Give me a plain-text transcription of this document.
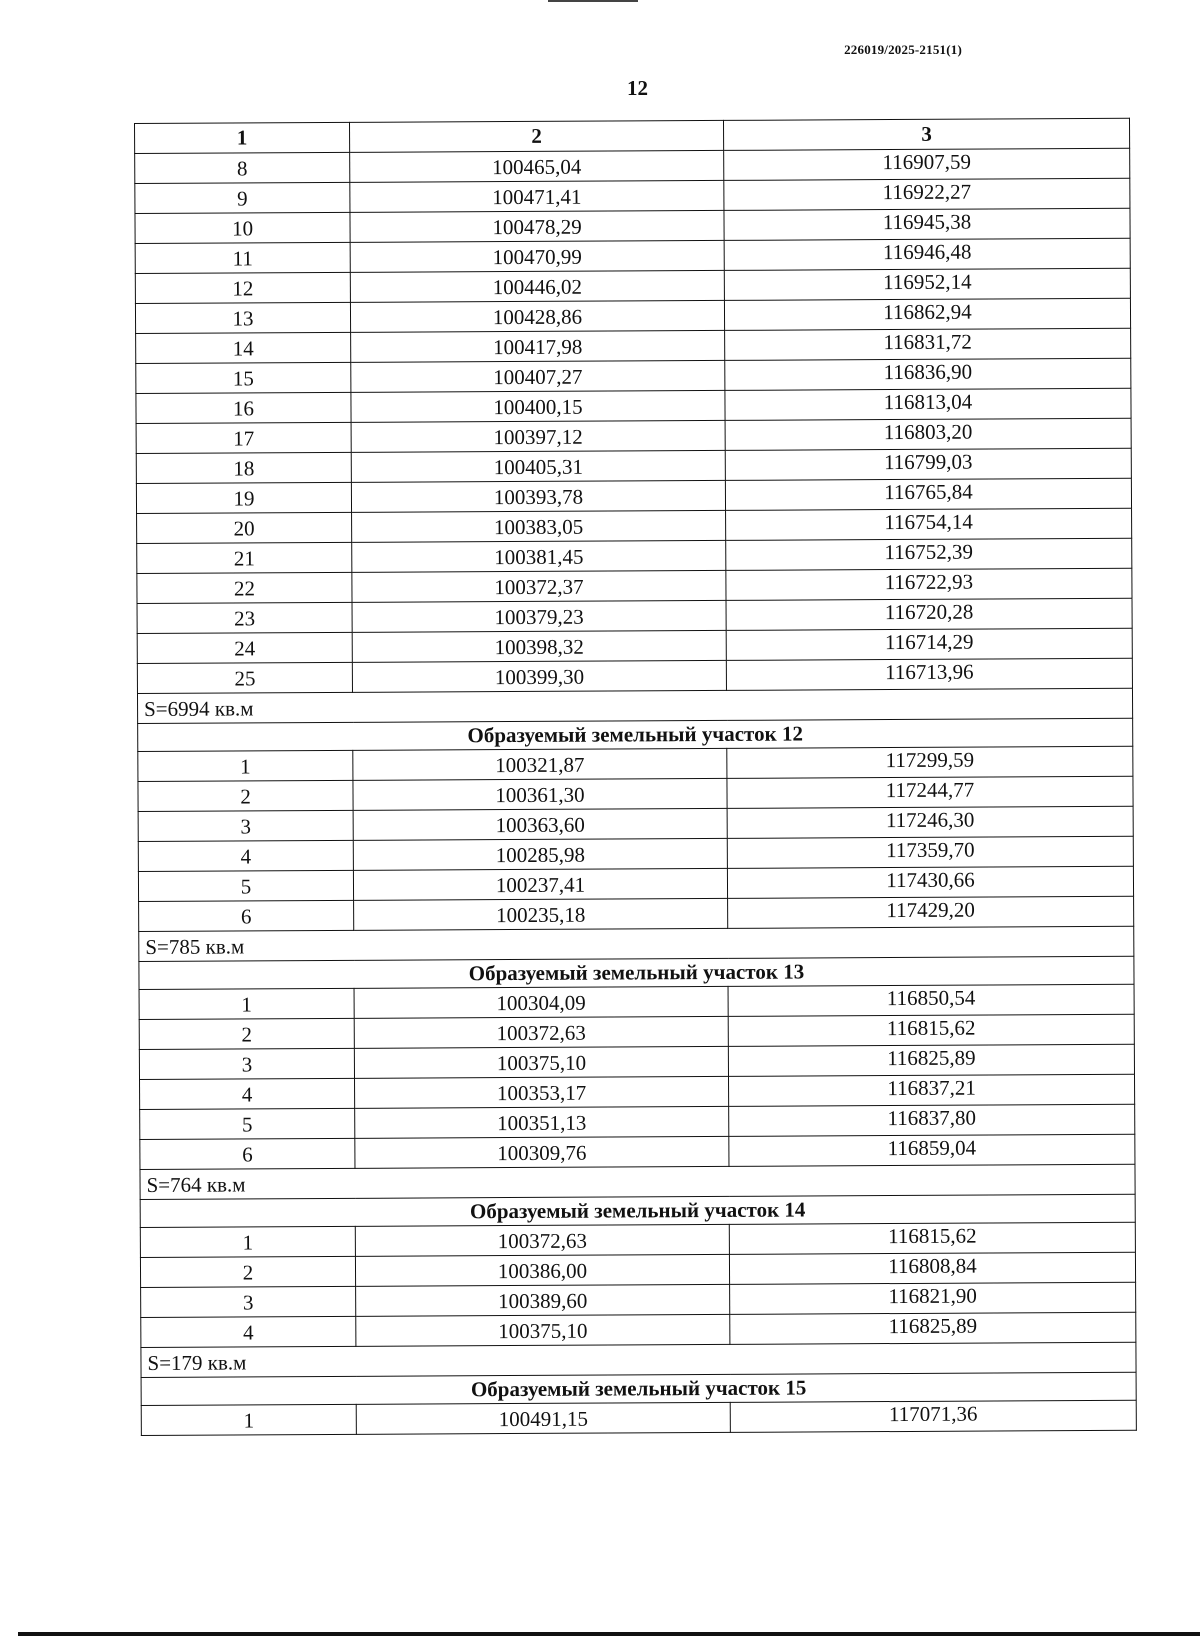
226019/2025-2151(1)
12
1	2	3
8	100465,04	116907,59
9	100471,41	116922,27
10	100478,29	116945,38
11	100470,99	116946,48
12	100446,02	116952,14
13	100428,86	116862,94
14	100417,98	116831,72
15	100407,27	116836,90
16	100400,15	116813,04
17	100397,12	116803,20
18	100405,31	116799,03
19	100393,78	116765,84
20	100383,05	116754,14
21	100381,45	116752,39
22	100372,37	116722,93
23	100379,23	116720,28
24	100398,32	116714,29
25	100399,30	116713,96
S=6994 кв.м		
Образуемый земельный участок 12		
1	100321,87	117299,59
2	100361,30	117244,77
3	100363,60	117246,30
4	100285,98	117359,70
5	100237,41	117430,66
6	100235,18	117429,20
S=785 кв.м		
Образуемый земельный участок 13		
1	100304,09	116850,54
2	100372,63	116815,62
3	100375,10	116825,89
4	100353,17	116837,21
5	100351,13	116837,80
6	100309,76	116859,04
S=764 кв.м		
Образуемый земельный участок 14		
1	100372,63	116815,62
2	100386,00	116808,84
3	100389,60	116821,90
4	100375,10	116825,89
S=179 кв.м		
Образуемый земельный участок 15		
1	100491,15	117071,36
